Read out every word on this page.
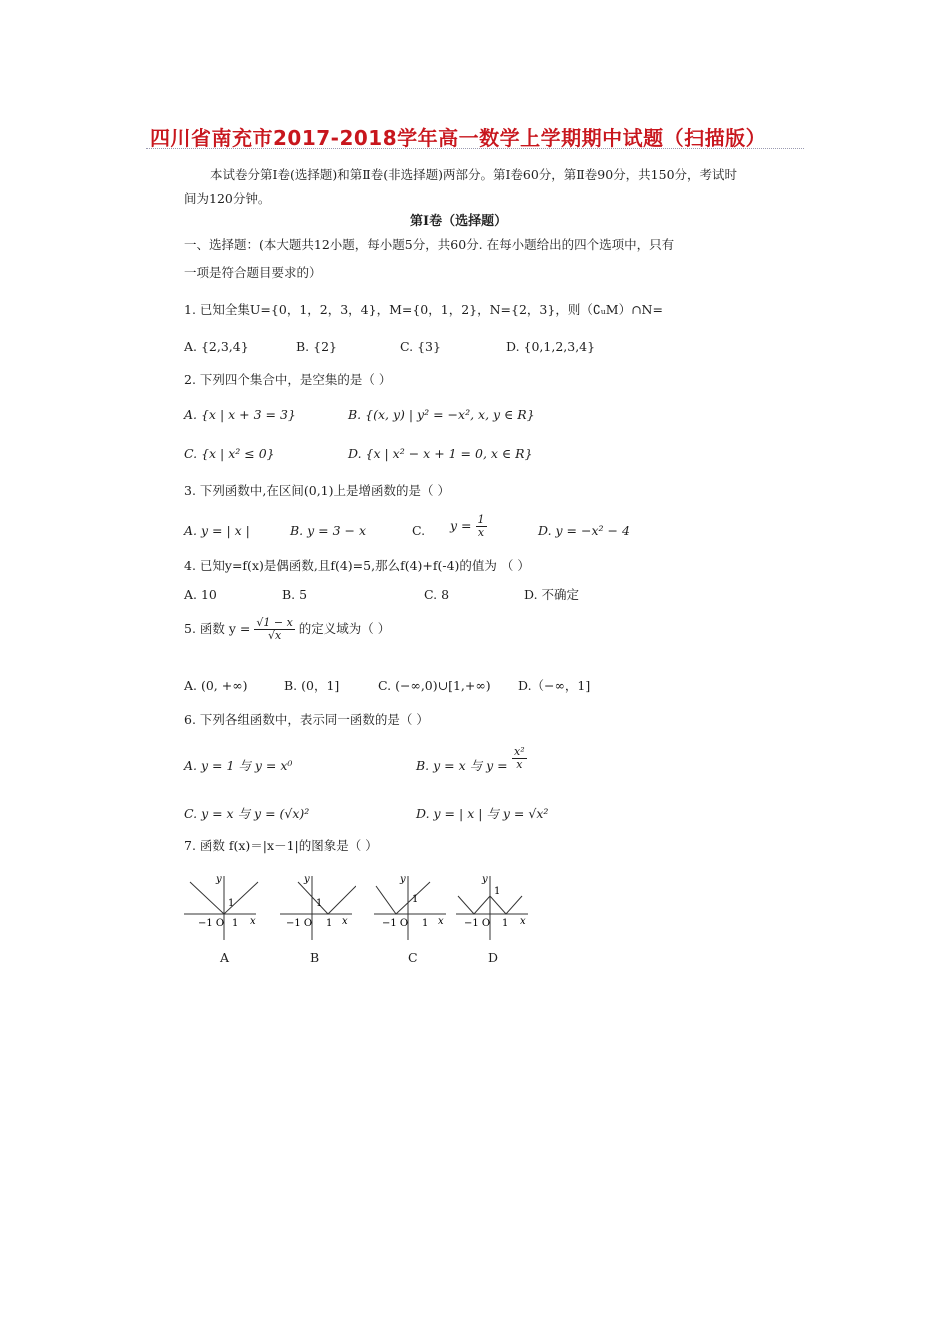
四川省南充市2017-2018学年高一数学上学期期中试题（扫描版）
本试卷分第Ⅰ卷(选择题)和第Ⅱ卷(非选择题)两部分。第Ⅰ卷60分，第Ⅱ卷90分，共150分，考试时
间为120分钟。
第Ⅰ卷（选择题）
一、选择题：(本大题共12小题，每小题5分，共60分. 在每小题给出的四个选项中，只有
一项是符合题目要求的）
1. 已知全集U={0，1，2，3，4}，M={0，1，2}，N={2，3}，则（∁ᵤM）∩N=
A. {2,3,4}	B. {2}	C. {3}	D. {0,1,2,3,4}
2. 下列四个集合中，是空集的是（ ）
A. {x | x + 3 = 3}	B. {(x, y) | y² = −x², x, y ∈ R}
C. {x | x² ≤ 0}	D. {x | x² − x + 1 = 0, x ∈ R}
3. 下列函数中,在区间(0,1)上是增函数的是（ ）
A. y = | x |	B. y = 3 − x	C. $y = \frac{1}{x}$	D. y = −x² − 4
4. 已知y=f(x)是偶函数,且f(4)=5,那么f(4)+f(-4)的值为 （ ）
A. 10	B. 5	C. 8	D. 不确定
5. 函数 $y = \frac{√1 - x}{√x}$ 的定义域为（ ）
A. (0, +∞)	B. (0，1]	C. (−∞,0)∪[1,+∞) D.（−∞，1]
6. 下列各组函数中，表示同一函数的是（ ）
A. y = 1 与 y = x⁰	B. y = x 与 $y = \frac{\text{x²}}{x}$
C. y = x 与 y = (√x)²	D. y = | x | 与 y = √x²
7. 函数 f(x)＝|x－1|的图象是（ ）
y
x
1
−1 O 1
A
y
x
1
−1 O 1
B
y
x
1
−1 O 1
C
y
x
1
−1 O 1
D
